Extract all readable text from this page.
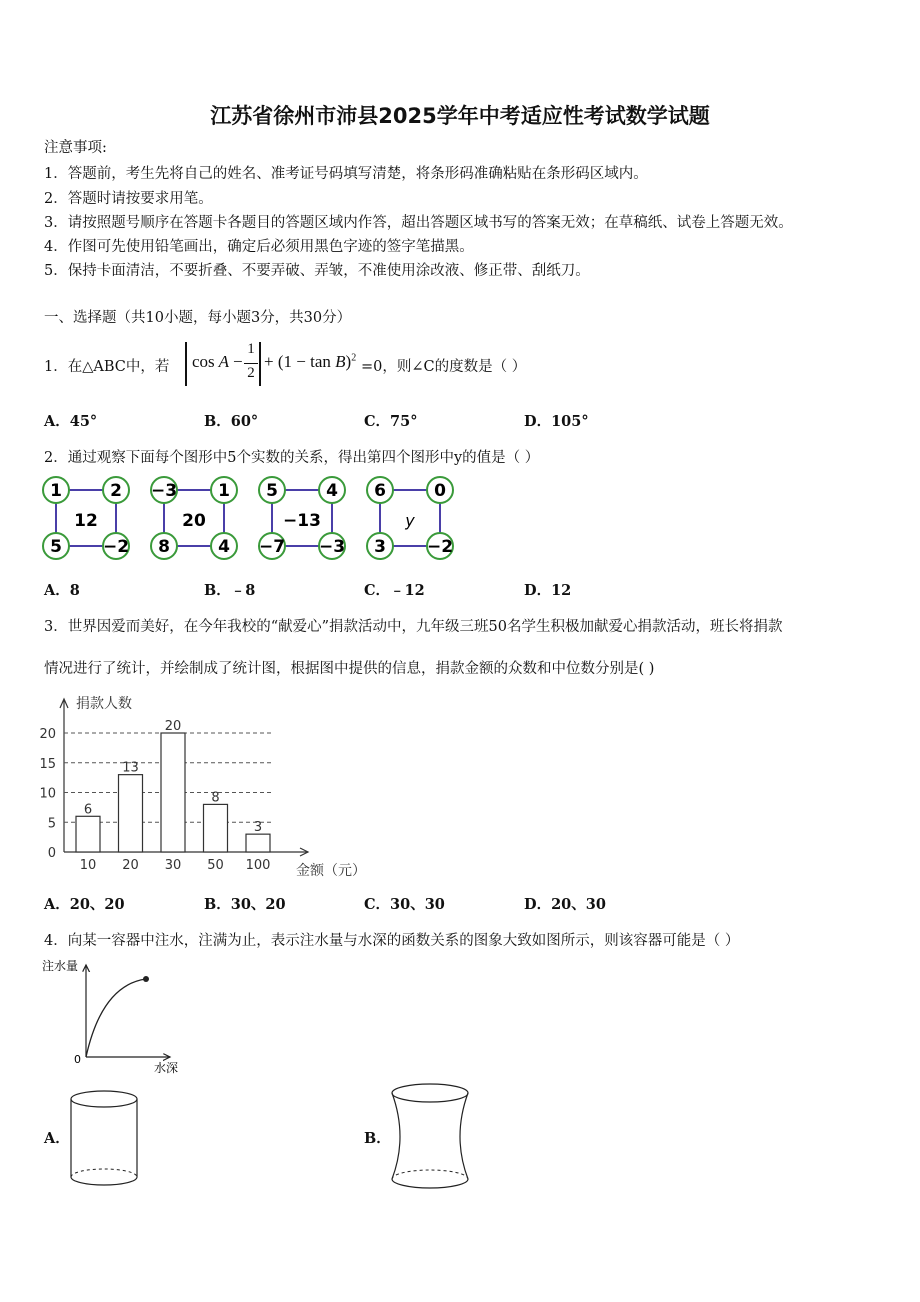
江苏省徐州市沛县2025学年中考适应性考试数学试题
注意事项:
1．答题前，考生先将自己的姓名、准考证号码填写清楚，将条形码准确粘贴在条形码区域内。
2．答题时请按要求用笔。
3．请按照题号顺序在答题卡各题目的答题区域内作答，超出答题区域书写的答案无效；在草稿纸、试卷上答题无效。
4．作图可先使用铅笔画出，确定后必须用黑色字迹的签字笔描黑。
5．保持卡面清洁，不要折叠、不要弄破、弄皱，不准使用涂改液、修正带、刮纸刀。
一、选择题（共10小题，每小题3分，共30分）
1．在△ABC中，若 cos A −
1
2
+ $(1 - \tan B)^2$
=0，则∠C的度数是（ ）
A．45°	B．60°	C．75°	D．105°
2．通过观察下面每个图形中5个实数的关系，得出第四个图形中y的值是（ ）
1	2
5 −2
12
−3 1
8	4
20
5	4
−7 −3
−13
6	0
3 −2
y
A．8	B．﹣8	C．﹣12	D．12
3．世界因爱而美好，在今年我校的“献爱心”捐款活动中，九年级三班50名学生积极加献爱心捐款活动，班长将捐款
情况进行了统计，并绘制成了统计图，根据图中提供的信息，捐款金额的众数和中位数分别是( )
0
5
10
15
20
6
10
13
20
20
30
8
50
3
100
捐款人数
金额（元）
A．20、20	B．30、20	C．30、30	D．20、30
4．向某一容器中注水，注满为止，表示注水量与水深的函数关系的图象大致如图所示，则该容器可能是（ ）
注水量
水深
0
A．	B．
